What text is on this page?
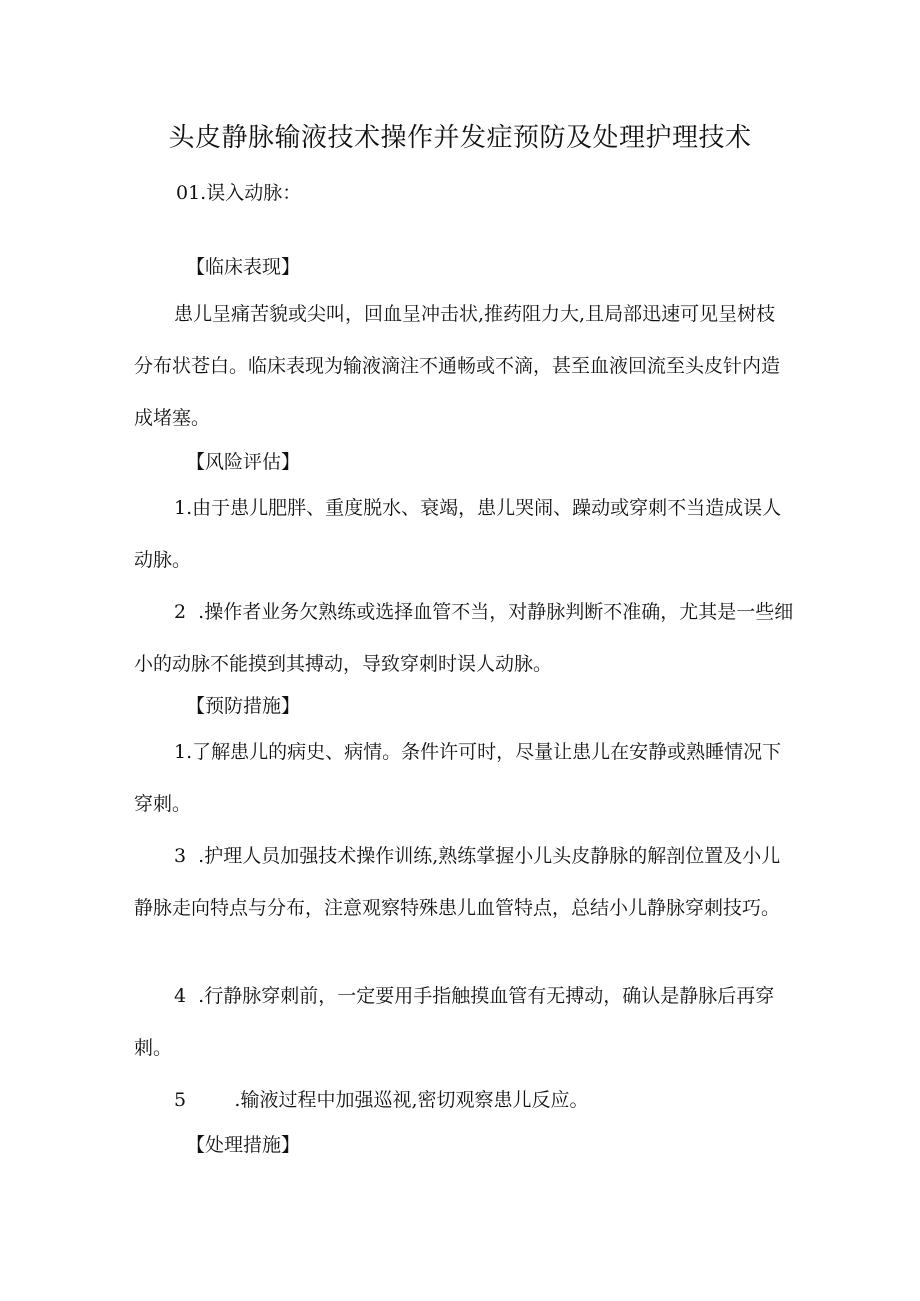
头皮静脉输液技术操作并发症预防及处理护理技术

01.误入动脉：

【临床表现】

患儿呈痛苦貌或尖叫，回血呈冲击状,推药阻力大,且局部迅速可见呈树枝分布状苍白。临床表现为输液滴注不通畅或不滴，甚至血液回流至头皮针内造成堵塞。

【风险评估】

1.由于患儿肥胖、重度脱水、衰竭，患儿哭闹、躁动或穿刺不当造成误人动脉。

2  .操作者业务欠熟练或选择血管不当，对静脉判断不准确，尤其是一些细小的动脉不能摸到其搏动，导致穿刺时误人动脉。

【预防措施】

1.了解患儿的病史、病情。条件许可时，尽量让患儿在安静或熟睡情况下穿刺。

3  .护理人员加强技术操作训练,熟练掌握小儿头皮静脉的解剖位置及小儿静脉走向特点与分布，注意观察特殊患儿血管特点，总结小儿静脉穿刺技巧。

4  .行静脉穿刺前，一定要用手指触摸血管有无搏动，确认是静脉后再穿刺。

5        .输液过程中加强巡视,密切观察患儿反应。

【处理措施】
